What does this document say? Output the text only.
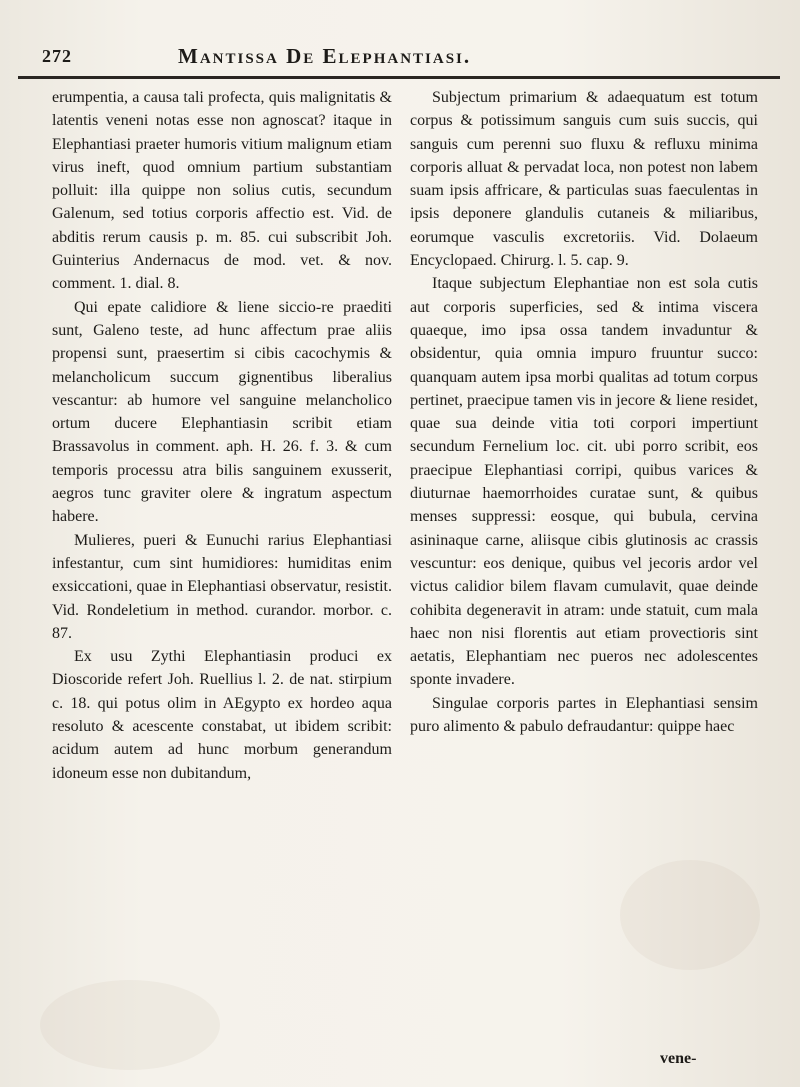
272	Mantissa De Elephantiasi.

erumpentia, a causa tali profecta, quis malignitatis & latentis veneni notas esse non agnoscat? itaque in Elephantiasi praeter humoris vitium malignum etiam virus ineft, quod omnium partium substantiam polluit: illa quippe non solius cutis, secundum Galenum, sed totius corporis affectio est. Vid. de abditis rerum causis p. m. 85. cui subscribit Joh. Guinterius Andernacus de mod. vet. & nov. comment. 1. dial. 8.

Qui epate calidiore & liene siccio-re praediti sunt, Galeno teste, ad hunc affectum prae aliis propensi sunt, praesertim si cibis cacochymis & melancholicum succum gignentibus liberalius vescantur: ab humore vel sanguine melancholico ortum ducere Elephantiasin scribit etiam Brassavolus in comment. aph. H. 26. f. 3. & cum temporis processu atra bilis sanguinem exusserit, aegros tunc graviter olere & ingratum aspectum habere.

Mulieres, pueri & Eunuchi rarius Elephantiasi infestantur, cum sint humidiores: humiditas enim exsiccationi, quae in Elephantiasi observatur, resistit. Vid. Rondeletium in method. curandor. morbor. c. 87.

Ex usu Zythi Elephantiasin produci ex Dioscoride refert Joh. Ruellius l. 2. de nat. stirpium c. 18. qui potus olim in AEgypto ex hordeo aqua resoluto & acescente constabat, ut ibidem scribit: acidum autem ad hunc morbum generandum idoneum esse non dubitandum,

Subjectum primarium & adaequatum est totum corpus & potissimum sanguis cum suis succis, qui sanguis cum perenni suo fluxu & refluxu minima corporis alluat & pervadat loca, non potest non labem suam ipsis affricare, & particulas suas faeculentas in ipsis deponere glandulis cutaneis & miliaribus, eorumque vasculis excretoriis. Vid. Dolaeum Encyclopaed. Chirurg. l. 5. cap. 9.

Itaque subjectum Elephantiae non est sola cutis aut corporis superficies, sed & intima viscera quaeque, imo ipsa ossa tandem invaduntur & obsidentur, quia omnia impuro fruuntur succo: quanquam autem ipsa morbi qualitas ad totum corpus pertinet, praecipue tamen vis in jecore & liene residet, quae sua deinde vitia toti corpori impertiunt secundum Fernelium loc. cit. ubi porro scribit, eos praecipue Elephantiasi corripi, quibus varices & diuturnae haemorrhoides curatae sunt, & quibus menses suppressi: eosque, qui bubula, cervina asininaque carne, aliisque cibis glutinosis ac crassis vescuntur: eos denique, quibus vel jecoris ardor vel victus calidior bilem flavam cumulavit, quae deinde cohibita degeneravit in atram: unde statuit, cum mala haec non nisi florentis aut etiam provectioris sint aetatis, Elephantiam nec pueros nec adolescentes sponte invadere.

Singulae corporis partes in Elephantiasi sensim puro alimento & pabulo defraudantur: quippe haec

vene-
